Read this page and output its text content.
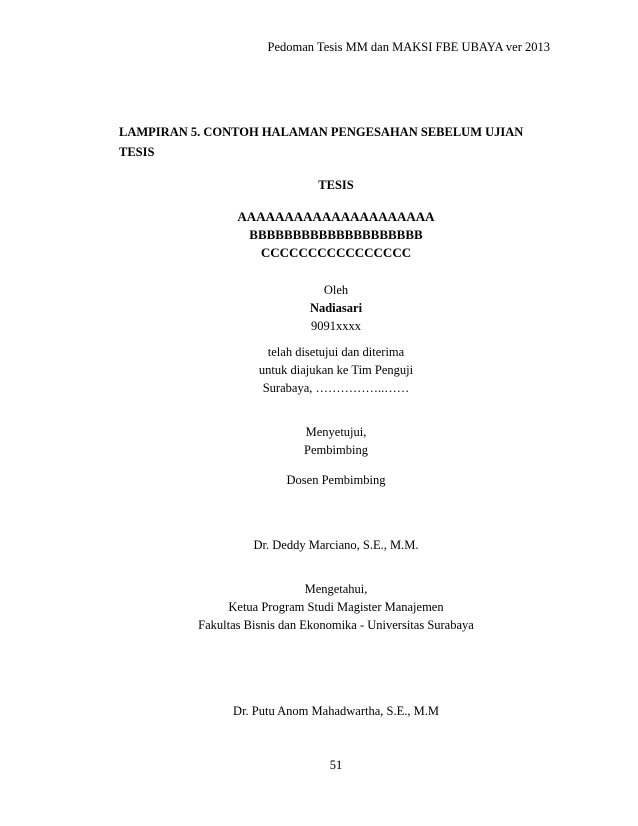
Pedoman Tesis MM dan MAKSI FBE UBAYA ver 2013
LAMPIRAN 5. CONTOH HALAMAN PENGESAHAN SEBELUM UJIAN TESIS
TESIS
AAAAAAAAAAAAAAAAAAAAA
BBBBBBBBBBBBBBBBBBBB
CCCCCCCCCCCCCCCC
Oleh
Nadiasari
9091xxxx
telah disetujui dan diterima
untuk diajukan ke Tim Penguji
Surabaya, ……………..……
Menyetujui,
Pembimbing
Dosen Pembimbing
Dr. Deddy Marciano, S.E., M.M.
Mengetahui,
Ketua Program Studi Magister Manajemen
Fakultas Bisnis dan Ekonomika - Universitas Surabaya
Dr. Putu Anom Mahadwartha, S.E., M.M
51
